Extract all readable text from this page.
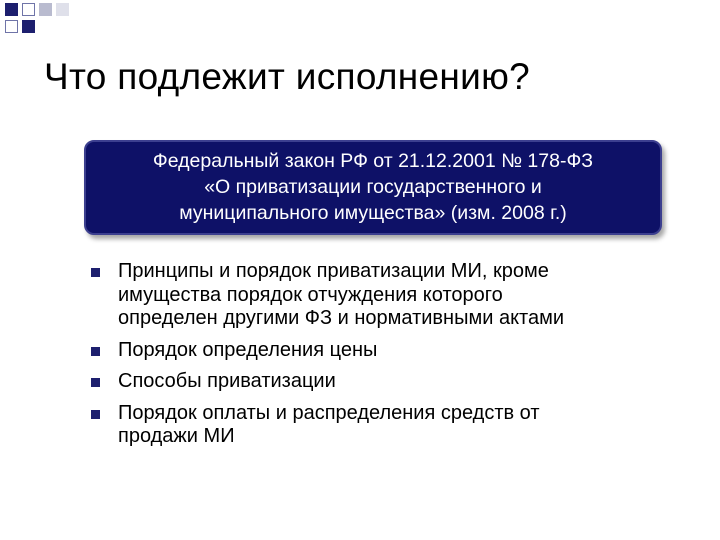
Что подлежит исполнению?
Федеральный закон РФ от 21.12.2001 № 178-ФЗ
«О приватизации государственного и
муниципального имущества» (изм. 2008 г.)
Принципы и порядок приватизации МИ, кроме
имущества порядок отчуждения которого
определен другими ФЗ и нормативными актами
Порядок определения цены
Способы приватизации
Порядок оплаты и распределения средств от
продажи МИ
